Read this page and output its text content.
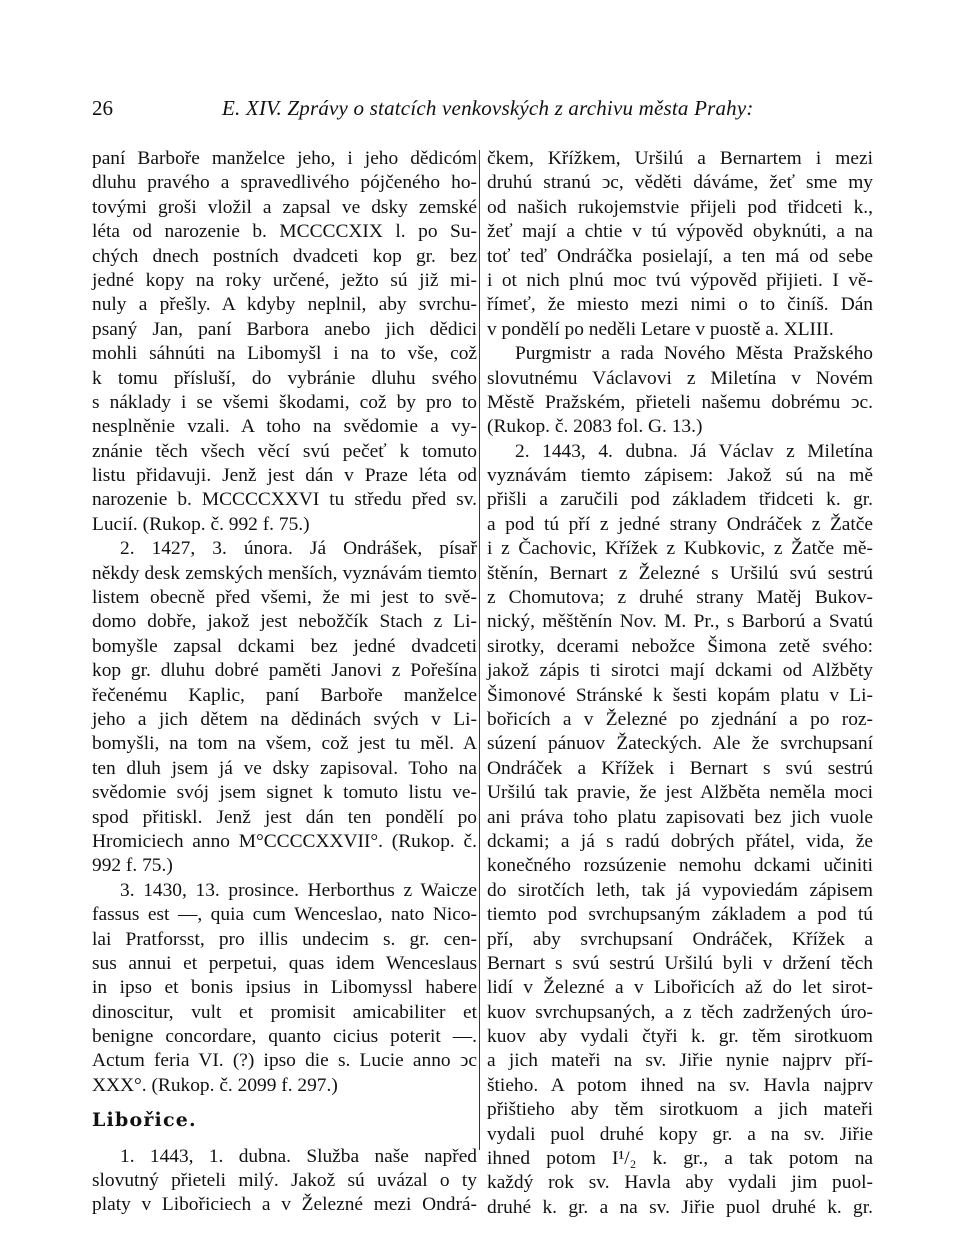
26	E. XIV. Zprávy o statcích venkovských z archivu města Prahy:
paní Barboře manželce jeho, i jeho dědicóm
dluhu pravého a spravedlivého pójčeného ho-
tovými groši vložil a zapsal ve dsky zemské
léta od narozenie b. MCCCCXIX l. po Su-
chých dnech postních dvadceti kop gr. bez
jedné kopy na roky určené, ježto sú již mi-
nuly a přešly. A kdyby neplnil, aby svrchu-
psaný Jan, paní Barbora anebo jich dědici
mohli sáhnúti na Libomyšl i na to vše, což
k tomu přísluší, do vybránie dluhu svého
s náklady i se všemi škodami, což by pro to
nesplněnie vzali. A toho na svědomie a vy-
znánie těch všech věcí svú pečeť k tomuto
listu přidavuji. Jenž jest dán v Praze léta od
narozenie b. MCCCCXXVI tu středu před sv.
Lucií. (Rukop. č. 992 f. 75.)
2. 1427, 3. února. Já Ondrášek, písař
někdy desk zemských menších, vyznávám tiemto
listem obecně před všemi, že mi jest to svě-
domo dobře, jakož jest nebožčík Stach z Li-
bomyšle zapsal dckami bez jedné dvadceti
kop gr. dluhu dobré paměti Janovi z Pořešína
řečenému Kaplic, paní Barboře manželce
jeho a jich dětem na dědinách svých v Li-
bomyšli, na tom na všem, což jest tu měl. A
ten dluh jsem já ve dsky zapisoval. Toho na
svědomie svój jsem signet k tomuto listu ve-
spod přitiskl. Jenž jest dán ten pondělí po
Hromiciech anno M°CCCCXXVII°. (Rukop. č.
992 f. 75.)
3. 1430, 13. prosince. Herborthus z Waicze
fassus est —, quia cum Wenceslao, nato Nico-
lai Pratforsst, pro illis undecim s. gr. cen-
sus annui et perpetui, quas idem Wenceslaus
in ipso et bonis ipsius in Libomyssl habere
dinoscitur, vult et promisit amicabiliter et
benigne concordare, quanto cicius poterit —.
Actum feria VI. (?) ipso die s. Lucie anno ↄc
XXX°. (Rukop. č. 2099 f. 297.)
Libořice.
1. 1443, 1. dubna. Služba naše napřed
slovutný přieteli milý. Jakož sú uvázal o ty
platy v Libořiciech a v Železné mezi Ondrá-
čkem, Křížkem, Uršilú a Bernartem i mezi
druhú stranú ↄc, věděti dáváme, žeť sme my
od našich rukojemstvie přijeli pod třidceti k.,
žeť mají a chtie v tú výpověd obyknúti, a na
toť teď Ondráčka posielají, a ten má od sebe
i ot nich plnú moc tvú výpověd přijieti. I vě-
římeť, že miesto mezi nimi o to činíš. Dán
v pondělí po neděli Letare v puostě a. XLIII.
Purgmistr a rada Nového Města Pražského
slovutnému Václavovi z Miletína v Novém
Městě Pražském, přieteli našemu dobrému ↄc.
(Rukop. č. 2083 fol. G. 13.)
2. 1443, 4. dubna. Já Václav z Miletína
vyznávám tiemto zápisem: Jakož sú na mě
přišli a zaručili pod základem třidceti k. gr.
a pod tú pří z jedné strany Ondráček z Žatče
i z Čachovic, Křížek z Kubkovic, z Žatče mě-
štěnín, Bernart z Železné s Uršilú svú sestrú
z Chomutova; z druhé strany Matěj Bukov-
nický, měštěnín Nov. M. Pr., s Barború a Svatú
sirotky, dcerami nebožce Šimona zetě svého:
jakož zápis ti sirotci mají dckami od Alžběty
Šimonové Stránské k šesti kopám platu v Li-
bořicích a v Železné po zjednání a po roz-
súzení pánuov Žateckých. Ale že svrchupsaní
Ondráček a Křížek i Bernart s svú sestrú
Uršilú tak pravie, že jest Alžběta neměla moci
ani práva toho platu zapisovati bez jich vuole
dckami; a já s radú dobrých přátel, vida, že
konečného rozsúzenie nemohu dckami učiniti
do sirotčích leth, tak já vypoviedám zápisem
tiemto pod svrchupsaným základem a pod tú
pří, aby svrchupsaní Ondráček, Křížek a
Bernart s svú sestrú Uršilú byli v držení těch
lidí v Železné a v Libořicích až do let sirot-
kuov svrchupsaných, a z těch zadržených úro-
kuov aby vydali čtyři k. gr. těm sirotkuom
a jich mateři na sv. Jiřie nynie najprv pří-
štieho. A potom ihned na sv. Havla najprv
přištieho aby těm sirotkuom a jich mateři
vydali puol druhé kopy gr. a na sv. Jiřie
ihned potom I¹/₂ k. gr., a tak potom na
každý rok sv. Havla aby vydali jim puol-
druhé k. gr. a na sv. Jiřie puol druhé k. gr.
